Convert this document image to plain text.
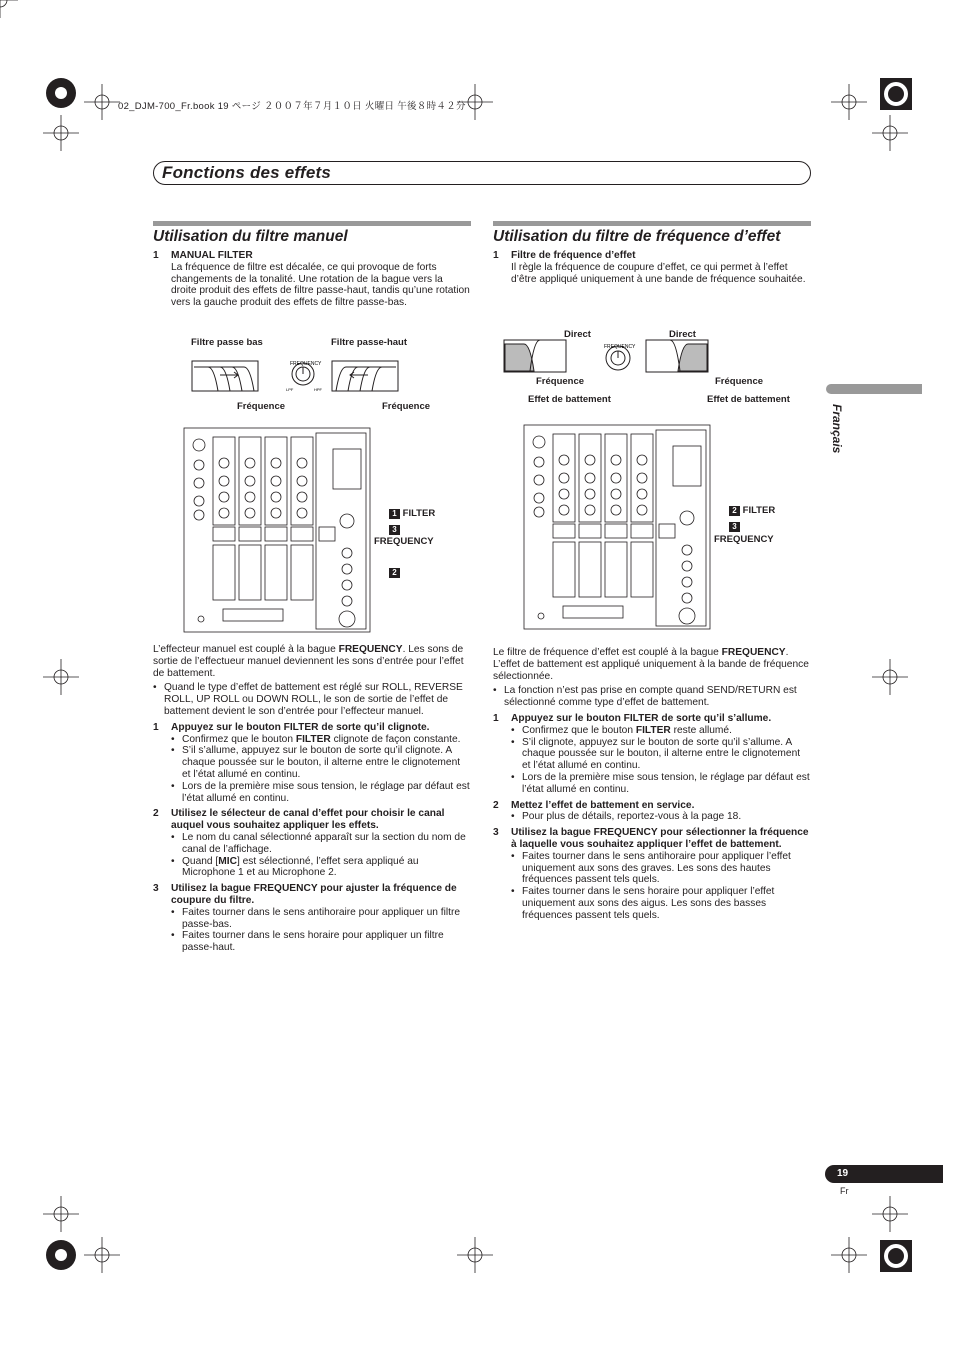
02_DJM-700_Fr.book 19 ページ ２００７年７月１０日 火曜日 午後８時４２分
Fonctions des effets
Français
Utilisation du filtre manuel
1	MANUAL FILTER

La fréquence de filtre est décalée, ce qui provoque de forts changements de la tonalité. Une rotation de la bague vers la droite produit des effets de filtre passe-haut, tandis qu’une rotation vers la gauche produit des effets de filtre passe-bas.

Filtre passe bas	Filtre passe-haut
FREQUENCY
LPF	HPF
Fréquence	Fréquence
1 FILTER
3
FREQUENCY
2

L’effecteur manuel est couplé à la bague FREQUENCY. Les sons de sortie de l’effectueur manuel deviennent les sons d’entrée pour l’effet de battement.

• Quand le type d’effet de battement est réglé sur ROLL, REVERSE ROLL, UP ROLL ou DOWN ROLL, le son de sortie de l’effet de battement devient le son d’entrée pour l’effecteur manuel.
1	Appuyez sur le bouton FILTER de sorte qu’il clignote.
• Confirmez que le bouton FILTER clignote de façon constante.
• S’il s’allume, appuyez sur le bouton de sorte qu’il clignote. A chaque poussée sur le bouton, il alterne entre le clignotement et l’état allumé en continu.
• Lors de la première mise sous tension, le réglage par défaut est l’état allumé en continu.
2	Utilisez le sélecteur de canal d’effet pour choisir le canal auquel vous souhaitez appliquer les effets.
• Le nom du canal sélectionné apparaît sur la section du nom de canal de l’affichage.
• Quand [MIC] est sélectionné, l’effet sera appliqué au Microphone 1 et au Microphone 2.
3	Utilisez la bague FREQUENCY pour ajuster la fréquence de coupure du filtre.
• Faites tourner dans le sens antihoraire pour appliquer un filtre passe-bas.
• Faites tourner dans le sens horaire pour appliquer un filtre passe-haut.
Utilisation du filtre de fréquence d’effet
1	Filtre de fréquence d’effet

Il règle la fréquence de coupure d’effet, ce qui permet à l’effet d’être appliqué uniquement à une bande de fréquence souhaitée.

Direct	Direct
FREQUENCY
Fréquence	Fréquence
Effet de battement	Effet de battement
2 FILTER
3
FREQUENCY

Le filtre de fréquence d’effet est couplé à la bague FREQUENCY. L’effet de battement est appliqué uniquement à la bande de fréquence sélectionnée.

• La fonction n’est pas prise en compte quand SEND/RETURN est sélectionné comme type d’effet de battement.
1	Appuyez sur le bouton FILTER de sorte qu’il s’allume.
• Confirmez que le bouton FILTER reste allumé.
• S’il clignote, appuyez sur le bouton de sorte qu’il s’allume. A chaque poussée sur le bouton, il alterne entre le clignotement et l’état allumé en continu.
• Lors de la première mise sous tension, le réglage par défaut est l’état allumé en continu.
2	Mettez l’effet de battement en service.
• Pour plus de détails, reportez-vous à la page 18.
3	Utilisez la bague FREQUENCY pour sélectionner la fréquence à laquelle vous souhaitez appliquer l’effet de battement.
• Faites tourner dans le sens antihoraire pour appliquer l’effet uniquement aux sons des graves. Les sons des hautes fréquences passent tels quels.
• Faites tourner dans le sens horaire pour appliquer l’effet uniquement aux sons des aigus. Les sons des basses fréquences passent tels quels.
19
Fr
